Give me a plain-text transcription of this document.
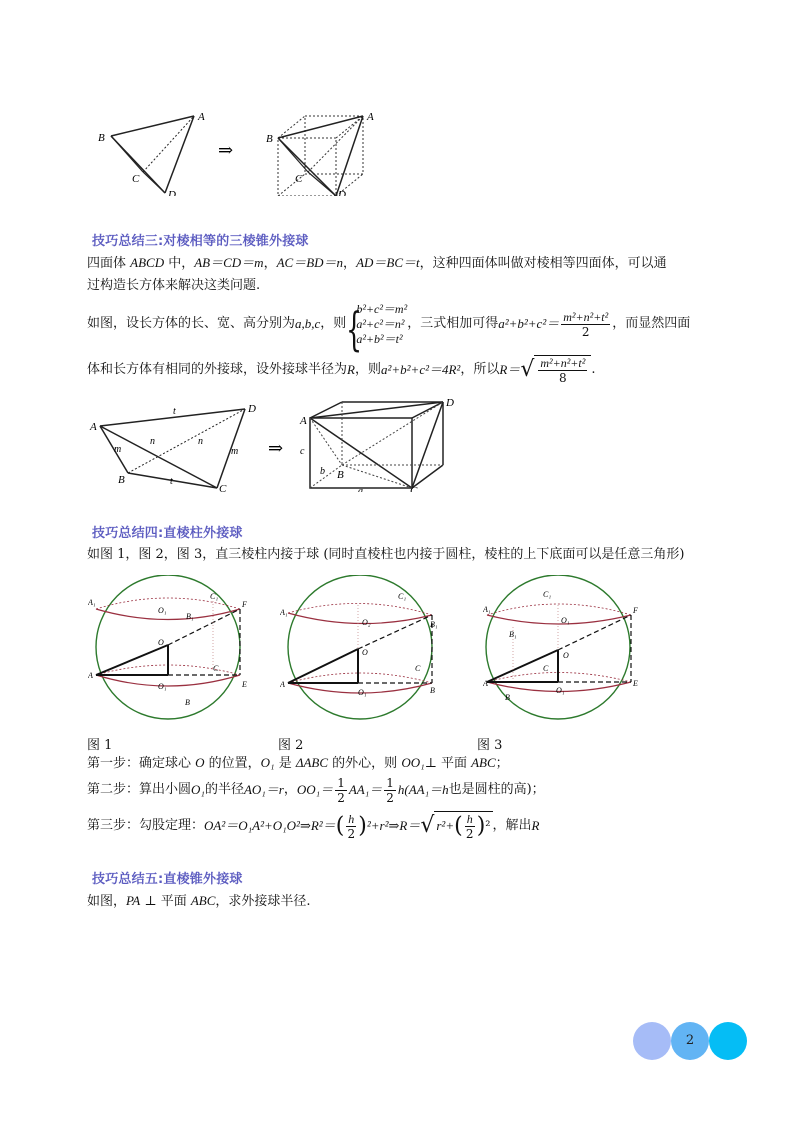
A
B
C
D
⇒
A
B
C
D
技巧总结三:对棱相等的三棱锥外接球
四面体 ABCD 中，AB＝CD＝m，AC＝BD＝n，AD＝BC＝t，这种四面体叫做对棱相等四面体，可以通
过构造长方体来解决这类问题.
如图，设长方体的长、宽、高分别为 a,b,c ，则 {
b²+c²＝m²
a²+c²＝n²
a²+b²＝t²
，三式相加可得 $a^2+b^2+c^2= \frac{\text{m²+n²+t²}}{2}$ ，而显然四面
体和长方体有相同的外接球，设外接球半径为 R ，则 a²+b²+c²＝4R² ，所以 R＝ √ $\frac{\text{m²+n²+t²}}{8}$ .
A
B
C
D
t
t
m	m
n	n	⇒
A
B
C
D
a
b
c
技巧总结四:直棱柱外接球
如图 1，图 2，图 3，直三棱柱内接于球 (同时直棱柱也内接于圆柱，棱柱的上下底面可以是任意三角形)
A₁
O₁
B₁
C₁
F
O
C
A
O₁	E
B
C₁
A₁
O₂	B₁
O
C
A
O₁	B
A₁
C₁
O₁
B₁
F
O
C
A
O₁
E
B
图 1	图 2	图 3
第一步：确定球心 O 的位置，O₁ 是 ΔABC 的外心，则 OO₁⊥ 平面 ABC；
第二步：算出小圆 O₁ 的半径 AO₁＝r ， $OO_1= \frac{1}{2} AA_1= \frac{1}{2} h(AA_1=h$ 也是圆柱的高)；
第三步：勾股定理： OA²＝O₁A²+O₁O²⇒R²＝ ( $\frac{h}{2}$ ) ²+r²⇒R＝ √ $r^2+( \frac{h}{2} )^2$ ，解出 R
技巧总结五:直棱锥外接球
如图，PA ⊥ 平面 ABC，求外接球半径.
2
